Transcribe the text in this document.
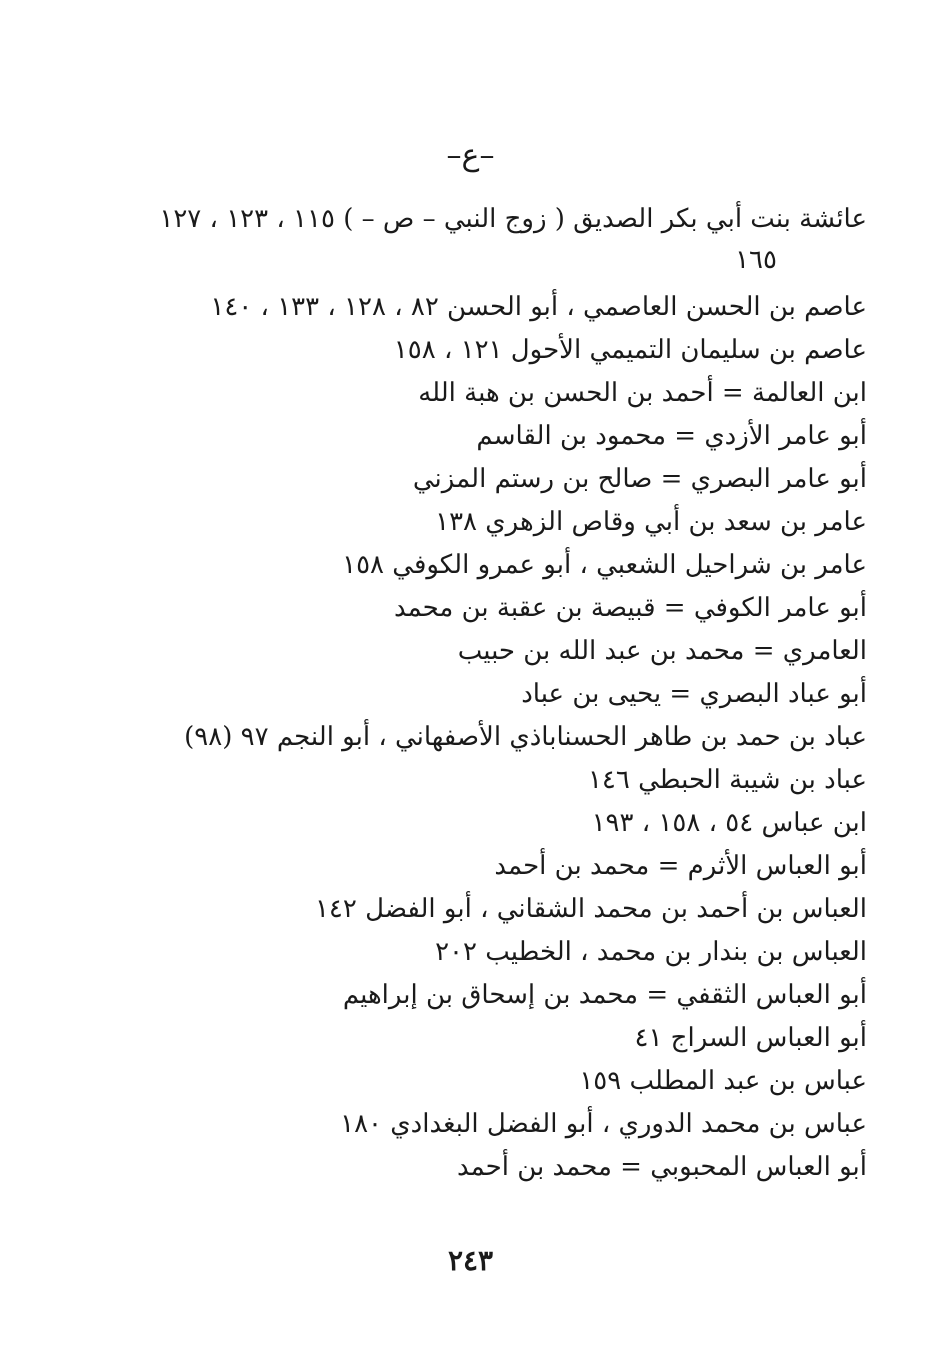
–ع–
عائشة بنت أبي بكر الصديق ( زوج النبي – ص – ) ١١٥ ، ١٢٣ ، ١٢٧
١٦٥
عاصم بن الحسن العاصمي ، أبو الحسن ٨٢ ، ١٢٨ ، ١٣٣ ، ١٤٠
عاصم بن سليمان التميمي الأحول ١٢١ ، ١٥٨
ابن العالمة = أحمد بن الحسن بن هبة الله
أبو عامر الأزدي = محمود بن القاسم
أبو عامر البصري = صالح بن رستم المزني
عامر بن سعد بن أبي وقاص الزهري ١٣٨
عامر بن شراحيل الشعبي ، أبو عمرو الكوفي ١٥٨
أبو عامر الكوفي = قبيصة بن عقبة بن محمد
العامري = محمد بن عبد الله بن حبيب
أبو عباد البصري = يحيى بن عباد
عباد بن حمد بن طاهر الحسناباذي الأصفهاني ، أبو النجم ٩٧ (٩٨)
عباد بن شيبة الحبطي ١٤٦
ابن عباس ٥٤ ، ١٥٨ ، ١٩٣
أبو العباس الأثرم = محمد بن أحمد
العباس بن أحمد بن محمد الشقاني ، أبو الفضل ١٤٢
العباس بن بندار بن محمد ، الخطيب ٢٠٢
أبو العباس الثقفي = محمد بن إسحاق بن إبراهيم
أبو العباس السراج ٤١
عباس بن عبد المطلب ١٥٩
عباس بن محمد الدوري ، أبو الفضل البغدادي ١٨٠
أبو العباس المحبوبي = محمد بن أحمد
٢٤٣
